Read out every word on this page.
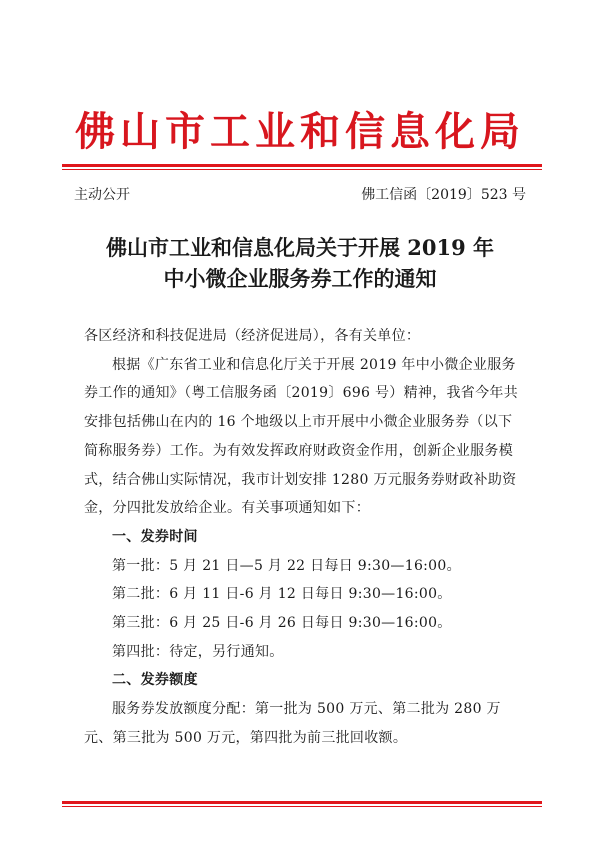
佛山市工业和信息化局
主动公开	佛工信函〔2019〕523 号
佛山市工业和信息化局关于开展 2019 年
中小微企业服务券工作的通知

各区经济和科技促进局（经济促进局），各有关单位：

根据《广东省工业和信息化厅关于开展 2019 年中小微企业服务券工作的通知》（粤工信服务函〔2019〕696 号）精神，我省今年共安排包括佛山在内的 16 个地级以上市开展中小微企业服务券（以下简称服务券）工作。为有效发挥政府财政资金作用，创新企业服务模式，结合佛山实际情况，我市计划安排 1280 万元服务券财政补助资金，分四批发放给企业。有关事项通知如下：

一、发券时间

第一批：5 月 21 日—5 月 22 日每日 9:30—16:00。

第二批：6 月 11 日-6 月 12 日每日 9:30—16:00。

第三批：6 月 25 日-6 月 26 日每日 9:30—16:00。

第四批：待定，另行通知。

二、发券额度

服务券发放额度分配：第一批为 500 万元、第二批为 280 万元、第三批为 500 万元，第四批为前三批回收额。
